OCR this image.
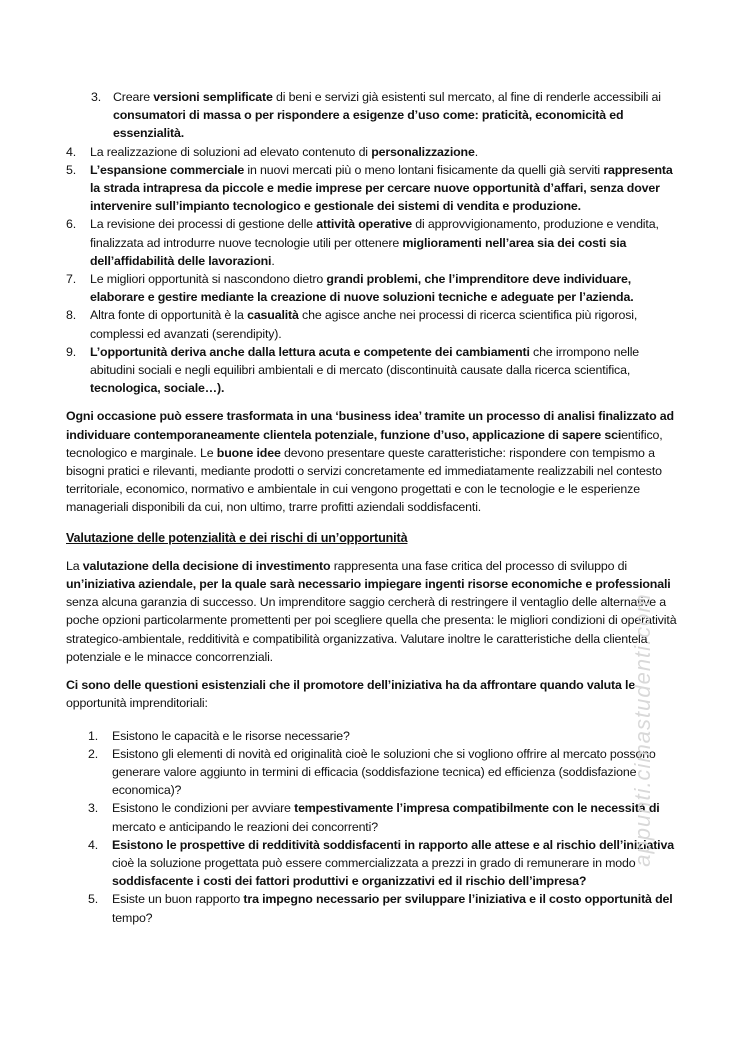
3. Creare versioni semplificate di beni e servizi già esistenti sul mercato, al fine di renderle accessibili ai consumatori di massa o per rispondere a esigenze d’uso come: praticità, economicità ed essenzialità.
4. La realizzazione di soluzioni ad elevato contenuto di personalizzazione.
5. L’espansione commerciale in nuovi mercati più o meno lontani fisicamente da quelli già serviti rappresenta la strada intrapresa da piccole e medie imprese per cercare nuove opportunità d’affari, senza dover intervenire sull’impianto tecnologico e gestionale dei sistemi di vendita e produzione.
6. La revisione dei processi di gestione delle attività operative di approvvigionamento, produzione e vendita, finalizzata ad introdurre nuove tecnologie utili per ottenere miglioramenti nell’area sia dei costi sia dell’affidabilità delle lavorazioni.
7. Le migliori opportunità si nascondono dietro grandi problemi, che l’imprenditore deve individuare, elaborare e gestire mediante la creazione di nuove soluzioni tecniche e adeguate per l’azienda.
8. Altra fonte di opportunità è la casualità che agisce anche nei processi di ricerca scientifica più rigorosi, complessi ed avanzati (serendipity).
9. L’opportunità deriva anche dalla lettura acuta e competente dei cambiamenti che irrompono nelle abitudini sociali e negli equilibri ambientali e di mercato (discontinuità causate dalla ricerca scientifica, tecnologica, sociale…).

Ogni occasione può essere trasformata in una ‘business idea’ tramite un processo di analisi finalizzato ad individuare contemporaneamente clientela potenziale, funzione d’uso, applicazione di sapere scientifico, tecnologico e marginale. Le buone idee devono presentare queste caratteristiche: rispondere con tempismo a bisogni pratici e rilevanti, mediante prodotti o servizi concretamente ed immediatamente realizzabili nel contesto territoriale, economico, normativo e ambientale in cui vengono progettati e con le tecnologie e le esperienze manageriali disponibili da cui, non ultimo, trarre profitti aziendali soddisfacenti.

Valutazione delle potenzialità e dei rischi di un’opportunità

La valutazione della decisione di investimento rappresenta una fase critica del processo di sviluppo di un’iniziativa aziendale, per la quale sarà necessario impiegare ingenti risorse economiche e professionali senza alcuna garanzia di successo. Un imprenditore saggio cercherà di restringere il ventaglio delle alternative a poche opzioni particolarmente promettenti per poi scegliere quella che presenta: le migliori condizioni di operatività strategico-ambientale, redditività e compatibilità organizzativa. Valutare inoltre le caratteristiche della clientela potenziale e le minacce concorrenziali.

Ci sono delle questioni esistenziali che il promotore dell’iniziativa ha da affrontare quando valuta le opportunità imprenditoriali:

1. Esistono le capacità e le risorse necessarie?
2. Esistono gli elementi di novità ed originalità cioè le soluzioni che si vogliono offrire al mercato possono generare valore aggiunto in termini di efficacia (soddisfazione tecnica) ed efficienza (soddisfazione economica)?
3. Esistono le condizioni per avviare tempestivamente l’impresa compatibilmente con le necessità di mercato e anticipando le reazioni dei concorrenti?
4. Esistono le prospettive di redditività soddisfacenti in rapporto alle attese e al rischio dell’iniziativa cioè la soluzione progettata può essere commercializzata a prezzi in grado di remunerare in modo soddisfacente i costi dei fattori produttivi e organizzativi ed il rischio dell’impresa?
5. Esiste un buon rapporto tra impegno necessario per sviluppare l’iniziativa e il costo opportunità del tempo?
appunti.cimastudenti.com
